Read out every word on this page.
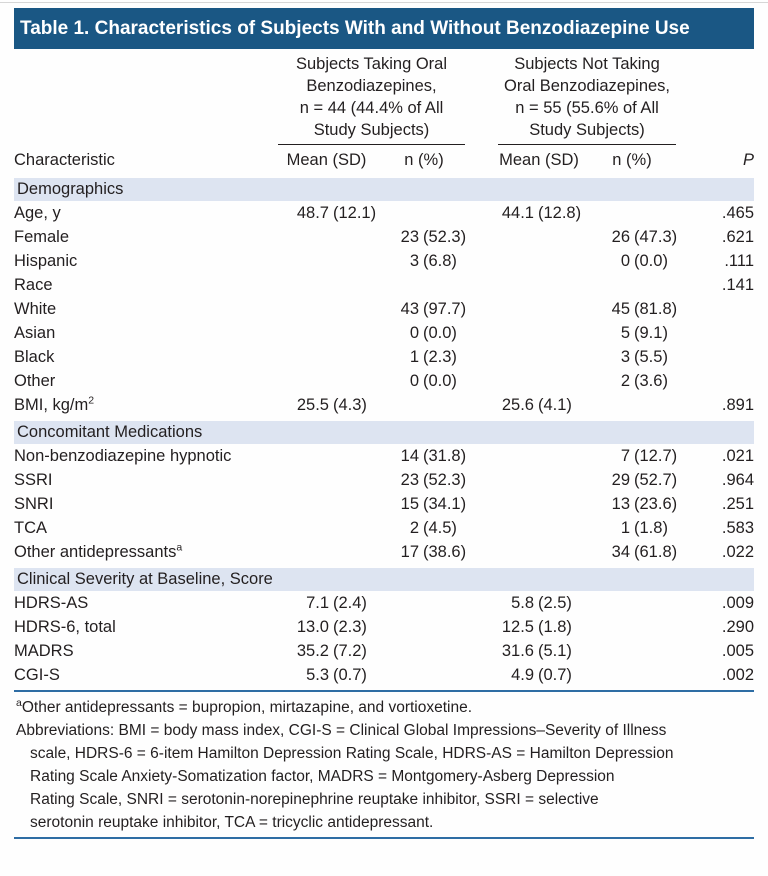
Table 1. Characteristics of Subjects With and Without Benzodiazepine Use

Subjects Taking Oral
Benzodiazepines,
n = 44 (44.4% of All
Study Subjects)

Subjects Not Taking
Oral Benzodiazepines,
n = 55 (55.6% of All
Study Subjects)

Characteristic	Mean (SD)	n (%)		Mean (SD)	n (%)	P
Demographics						
Age, y	48.7 (12.1)			44.1 (12.8)		.465
Female		23 (52.3)			26 (47.3)	.621
Hispanic		3 (6.8)			0 (0.0)	.111
Race						.141
White		43 (97.7)			45 (81.8)	
Asian		0 (0.0)			5 (9.1)	
Black		1 (2.3)			3 (5.5)	
Other		0 (0.0)			2 (3.6)	
BMI, $kg/m^2$	25.5 (4.3)			25.6 (4.1)		.891
Concomitant Medications						
Non-benzodiazepine hypnotic		14 (31.8)			7 (12.7)	.021
SSRI		23 (52.3)			29 (52.7)	.964
SNRI		15 (34.1)			13 (23.6)	.251
TCA		2 (4.5)			1 (1.8)	.583
Other antidepressants$^a$		17 (38.6)			34 (61.8)	.022
Clinical Severity at Baseline, Score						
HDRS-AS	7.1 (2.4)			5.8 (2.5)		.009
HDRS-6, total	13.0 (2.3)			12.5 (1.8)		.290
MADRS	35.2 (7.2)			31.6 (5.1)		.005
CGI-S	5.3 (0.7)			4.9 (0.7)		.002
$^a$Other antidepressants = bupropion, mirtazapine, and vortioxetine.
Abbreviations: BMI = body mass index, CGI-S = Clinical Global Impressions–Severity of Illness
scale, HDRS-6 = 6-item Hamilton Depression Rating Scale, HDRS-AS = Hamilton Depression
Rating Scale Anxiety-Somatization factor, MADRS = Montgomery-Asberg Depression
Rating Scale, SNRI = serotonin-norepinephrine reuptake inhibitor, SSRI = selective
serotonin reuptake inhibitor, TCA = tricyclic antidepressant.
